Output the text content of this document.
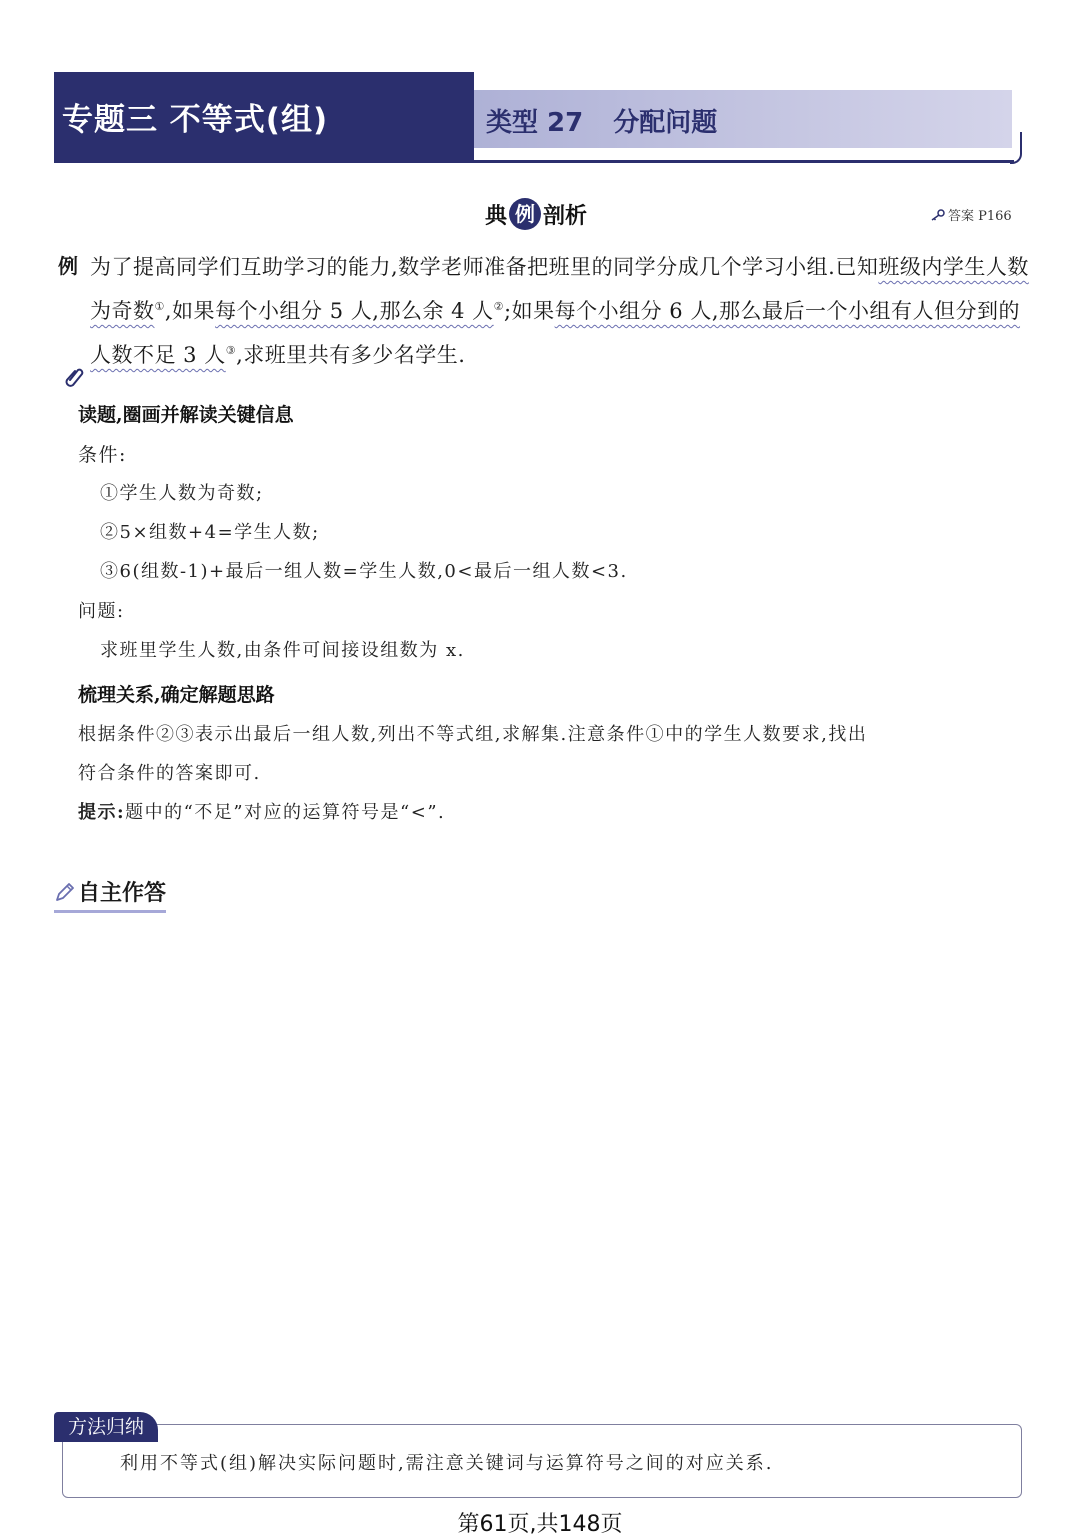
专题三 不等式(组)	类型 27 分配问题
典 例 剖析	答案 P166
例 为了提高同学们互助学习的能力,数学老师准备把班里的同学分成几个学习小组.已知班级内学生人数为奇数①,如果每个小组分 5 人,那么余 4 人②;如果每个小组分 6 人,那么最后一个小组有人但分到的人数不足 3 人③,求班里共有多少名学生.
读题,圈画并解读关键信息
条件:
①学生人数为奇数;
②5×组数+4=学生人数;
③6(组数-1)+最后一组人数=学生人数,0<最后一组人数<3.
问题:
求班里学生人数,由条件可间接设组数为 x.
梳理关系,确定解题思路
根据条件②③表示出最后一组人数,列出不等式组,求解集.注意条件①中的学生人数要求,找出
符合条件的答案即可.
提示:题中的“不足”对应的运算符号是“<”.
自主作答
方法归纳
利用不等式(组)解决实际问题时,需注意关键词与运算符号之间的对应关系.
第61页,共148页
